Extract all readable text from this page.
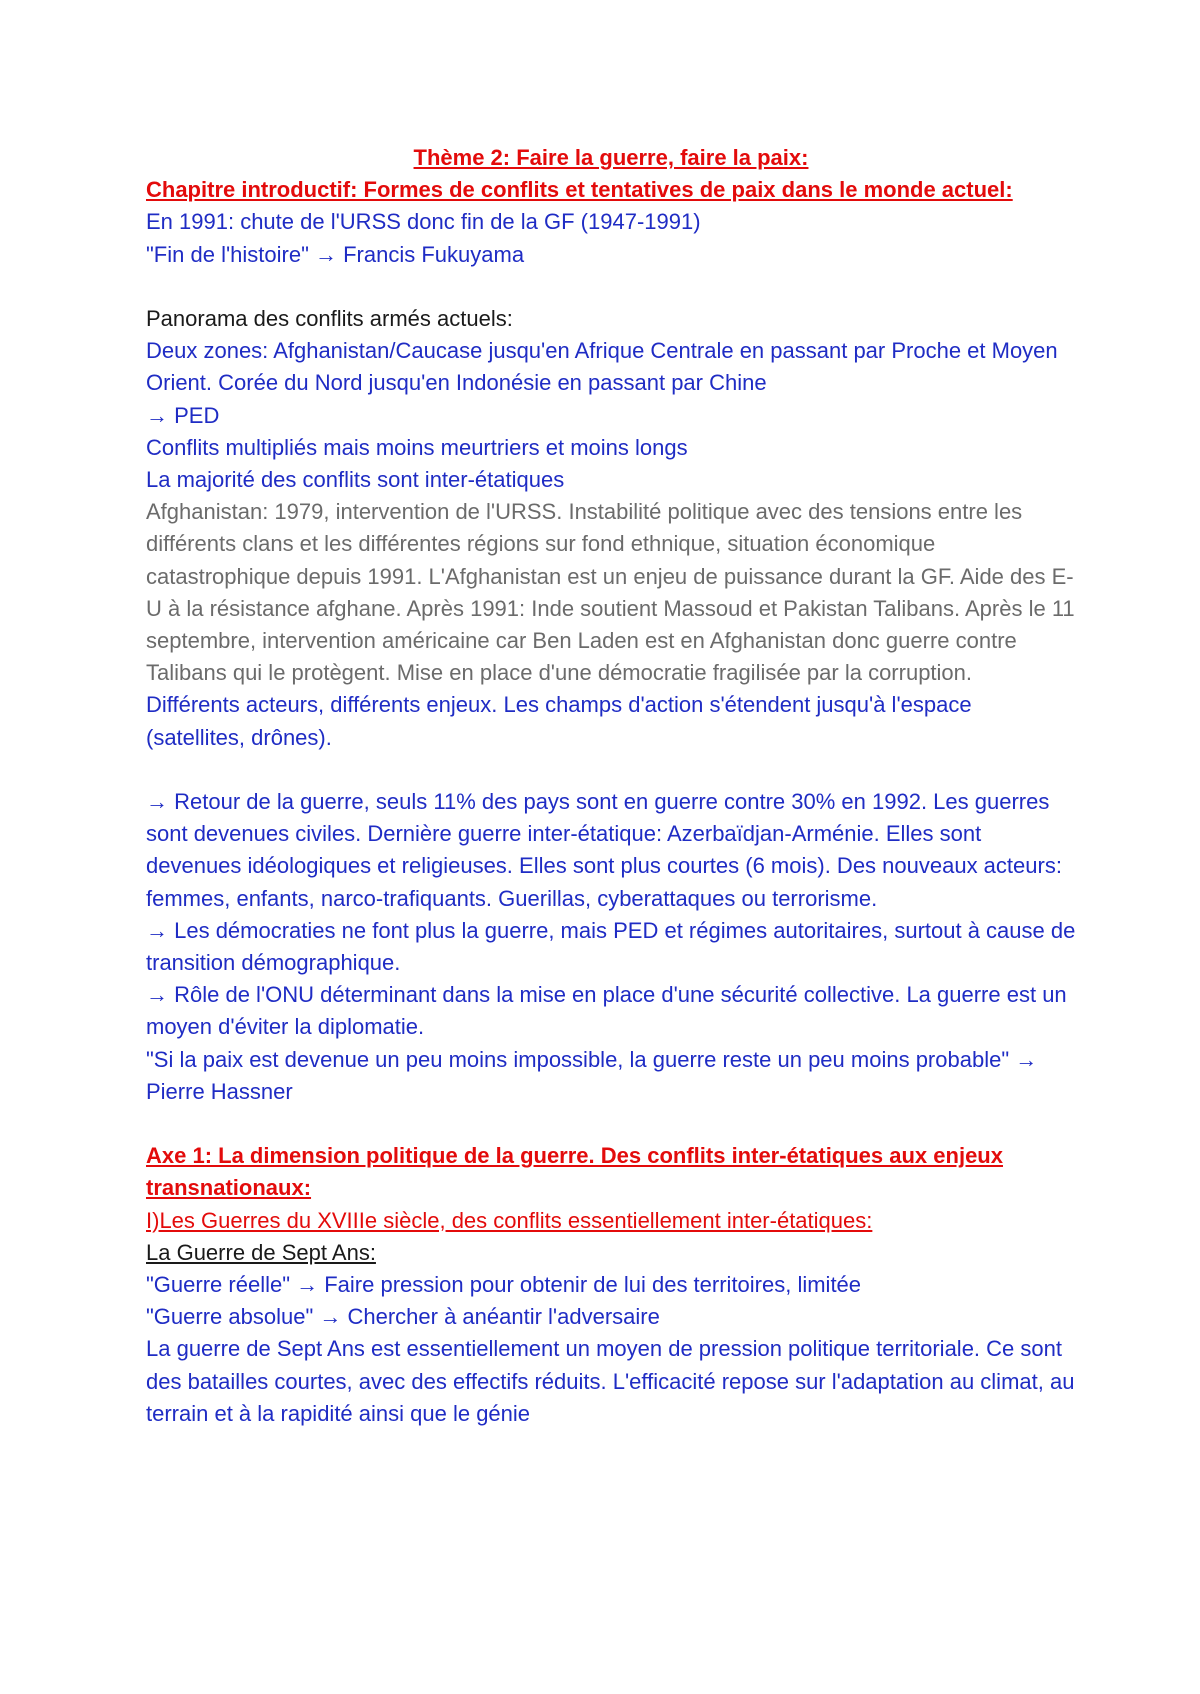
Thème 2: Faire la guerre, faire la paix:

Chapitre introductif: Formes de conflits et tentatives de paix dans le monde actuel:

En 1991: chute de l'URSS donc fin de la GF (1947-1991)

"Fin de l'histoire" → Francis Fukuyama

Panorama des conflits armés actuels:

Deux zones: Afghanistan/Caucase jusqu'en Afrique Centrale en passant par Proche et Moyen Orient. Corée du Nord jusqu'en Indonésie en passant par Chine

→ PED

Conflits multipliés mais moins meurtriers et moins longs

La majorité des conflits sont inter-étatiques

Afghanistan: 1979, intervention de l'URSS. Instabilité politique avec des tensions entre les différents clans et les différentes régions sur fond ethnique, situation économique catastrophique depuis 1991. L'Afghanistan est un enjeu de puissance durant la GF. Aide des E-U à la résistance afghane. Après 1991: Inde soutient Massoud et Pakistan Talibans. Après le 11 septembre, intervention américaine car Ben Laden est en Afghanistan donc guerre contre Talibans qui le protègent. Mise en place d'une démocratie fragilisée par la corruption.

Différents acteurs, différents enjeux. Les champs d'action s'étendent jusqu'à l'espace (satellites, drônes).

→ Retour de la guerre, seuls 11% des pays sont en guerre contre 30% en 1992. Les guerres sont devenues civiles. Dernière guerre inter-étatique: Azerbaïdjan-Arménie. Elles sont devenues idéologiques et religieuses. Elles sont plus courtes (6 mois). Des nouveaux acteurs: femmes, enfants, narco-trafiquants. Guerillas, cyberattaques ou terrorisme.

→ Les démocraties ne font plus la guerre, mais PED et régimes autoritaires, surtout à cause de transition démographique.

→ Rôle de l'ONU déterminant dans la mise en place d'une sécurité collective. La guerre est un moyen d'éviter la diplomatie.

"Si la paix est devenue un peu moins impossible, la guerre reste un peu moins probable" → Pierre Hassner

Axe 1: La dimension politique de la guerre. Des conflits inter-étatiques aux enjeux transnationaux:

I)Les Guerres du XVIIIe siècle, des conflits essentiellement inter-étatiques:

La Guerre de Sept Ans:

"Guerre réelle" → Faire pression pour obtenir de lui des territoires, limitée

"Guerre absolue" → Chercher à anéantir l'adversaire

La guerre de Sept Ans est essentiellement un moyen de pression politique territoriale. Ce sont des batailles courtes, avec des effectifs réduits. L'efficacité repose sur l'adaptation au climat, au terrain et à la rapidité ainsi que le génie
